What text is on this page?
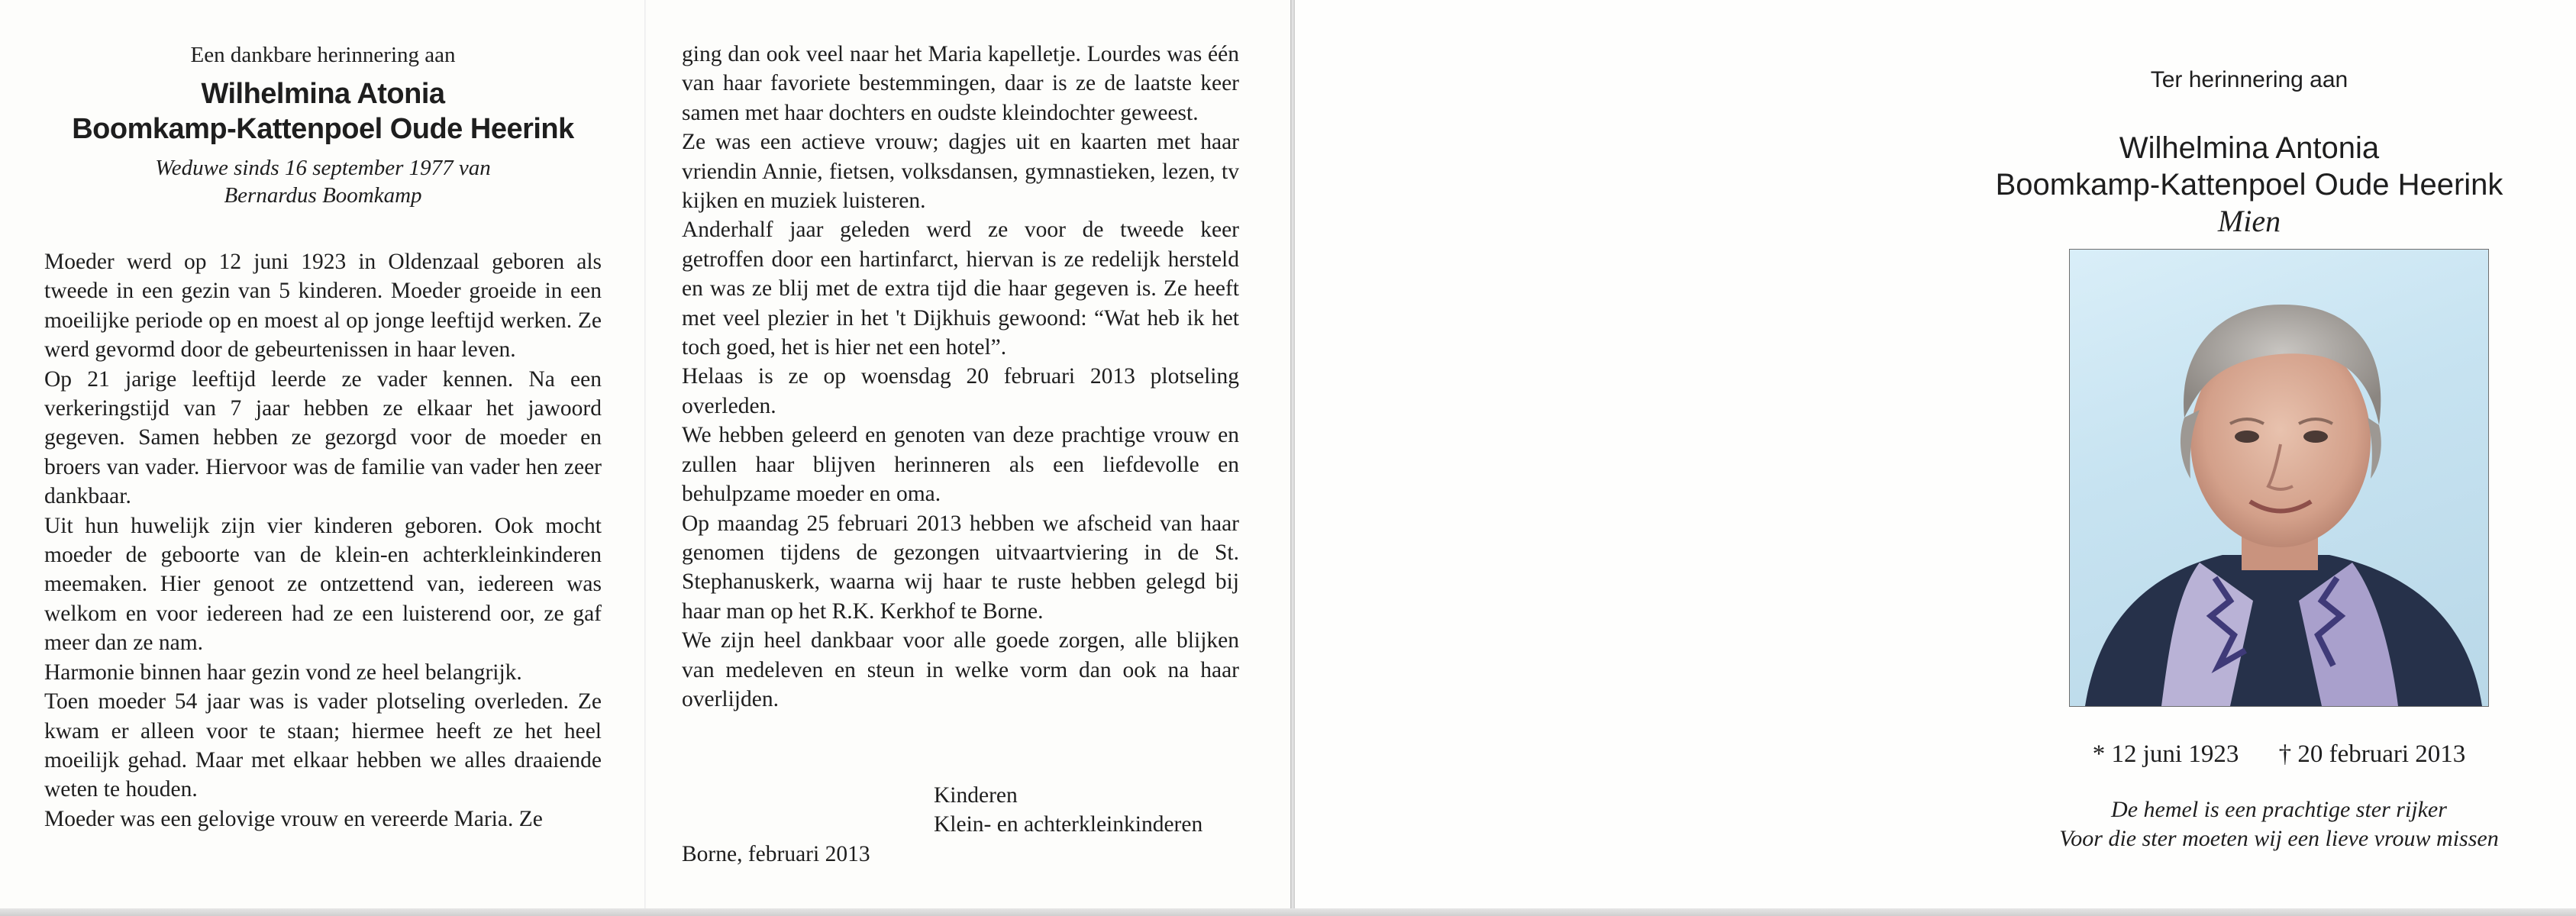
Een dankbare herinnering aan
Wilhelmina Atonia
Boomkamp-Kattenpoel Oude Heerink
Weduwe sinds 16 september 1977 van
Bernardus Boomkamp

Moeder werd op 12 juni 1923 in Oldenzaal geboren als tweede in een gezin van 5 kinderen. Moeder groeide in een moeilijke periode op en moest al op jonge leeftijd werken. Ze werd gevormd door de gebeurtenissen in haar leven.

Op 21 jarige leeftijd leerde ze vader kennen. Na een verkeringstijd van 7 jaar hebben ze elkaar het jawoord gegeven. Samen hebben ze gezorgd voor de moeder en broers van vader. Hiervoor was de familie van vader hen zeer dankbaar.

Uit hun huwelijk zijn vier kinderen geboren. Ook mocht moeder de geboorte van de klein-en achterkleinkinderen meemaken. Hier genoot ze ontzettend van, iedereen was welkom en voor iedereen had ze een luisterend oor, ze gaf meer dan ze nam.

Harmonie binnen haar gezin vond ze heel belangrijk.

Toen moeder 54 jaar was is vader plotseling overleden. Ze kwam er alleen voor te staan; hiermee heeft ze het heel moeilijk gehad. Maar met elkaar hebben we alles draaiende weten te houden.

Moeder was een gelovige vrouw en vereerde Maria. Ze

ging dan ook veel naar het Maria kapelletje. Lourdes was één van haar favoriete bestemmingen, daar is ze de laatste keer samen met haar dochters en oudste kleindochter geweest.

Ze was een actieve vrouw; dagjes uit en kaarten met haar vriendin Annie, fietsen, volksdansen, gymnastieken, lezen, tv kijken en muziek luisteren.

Anderhalf jaar geleden werd ze voor de tweede keer getroffen door een hartinfarct, hiervan is ze redelijk hersteld en was ze blij met de extra tijd die haar gegeven is. Ze heeft met veel plezier in het 't Dijkhuis gewoond: “Wat heb ik het toch goed, het is hier net een hotel”.

Helaas is ze op woensdag 20 februari 2013 plotseling overleden.

We hebben geleerd en genoten van deze prachtige vrouw en zullen haar blijven herinneren als een liefdevolle en behulpzame moeder en oma.

Op maandag 25 februari 2013 hebben we afscheid van haar genomen tijdens de gezongen uitvaartviering in de St. Stephanuskerk, waarna wij haar te ruste hebben gelegd bij haar man op het R.K. Kerkhof te Borne.

We zijn heel dankbaar voor alle goede zorgen, alle blijken van medeleven en steun in welke vorm dan ook na haar overlijden.

Kinderen
Klein- en achterkleinkinderen
Borne, februari 2013
Ter herinnering aan
Wilhelmina Antonia
Boomkamp-Kattenpoel Oude Heerink
Mien
* 12 juni 1923 † 20 februari 2013
De hemel is een prachtige ster rijker
Voor die ster moeten wij een lieve vrouw missen
